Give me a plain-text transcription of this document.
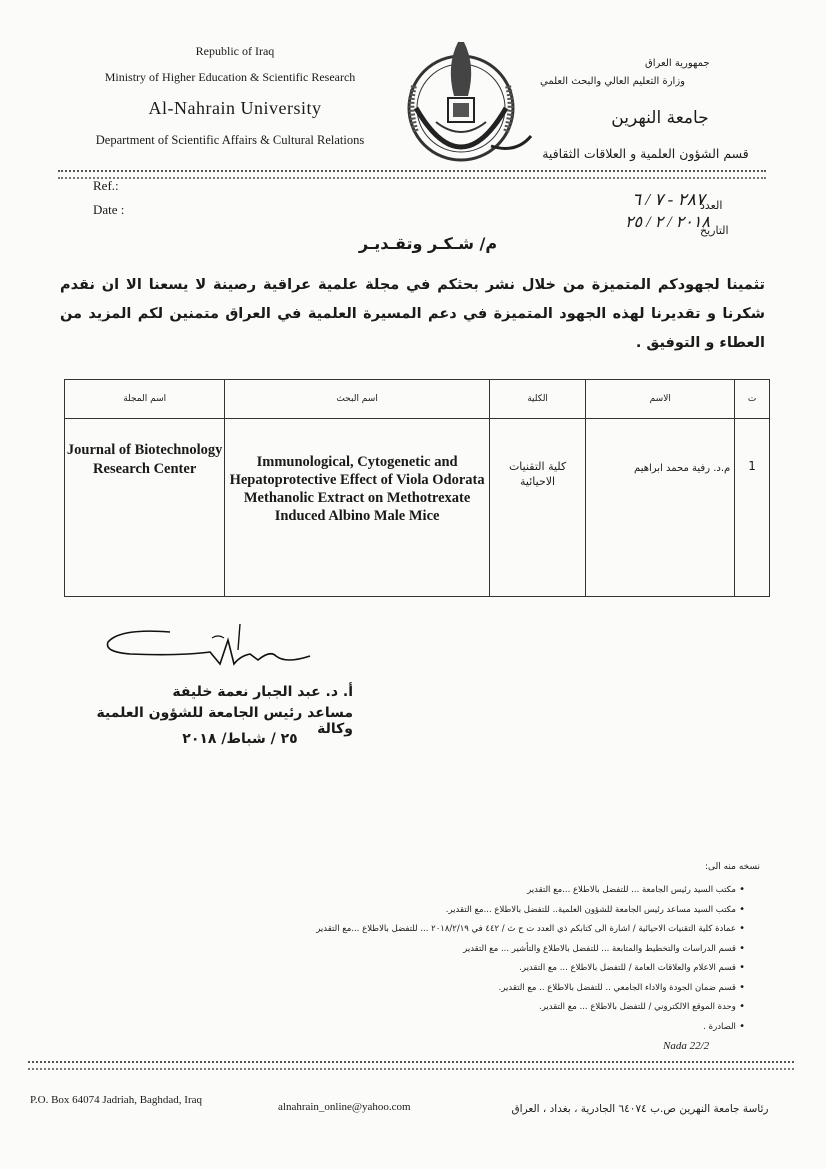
Republic of Iraq
Ministry of Higher Education & Scientific Research
Al-Nahrain University
Department of Scientific Affairs & Cultural Relations
جمهورية العراق
وزارة التعليم العالي والبحث العلمي
جامعة النهرين
قسم الشؤون العلمية و العلاقات الثقافية
Ref.:
Date :	العدد
٢٨٧ - ٧ / ٦
التاريخ
٢٠١٨ / ٢ / ٢٥
م/ شـكـر وتقـديـر
تثمينا لجهودكم المتميزة من خلال نشر بحثكم في مجلة علمية عراقية رصينة لا يسعنا الا ان نقدم شكرنا و تقديرنا لهذه الجهود المتميزة في دعم المسيرة العلمية في العراق متمنين لكم المزيد من العطاء و التوفيق .
اسم المجلة	اسم البحث	الكلية	الاسم	ت
Journal of Biotechnology Research Center	Immunological, Cytogenetic and Hepatoprotective Effect of Viola Odorata Methanolic Extract on Methotrexate Induced Albino Male Mice	كلية التقنيات الاحيائية	م.د. رفية محمد ابراهيم	1
أ. د. عبد الجبار نعمة خليفة
مساعد رئيس الجامعة للشؤون العلمية وكالة
٢٥ / شباط/ ٢٠١٨
نسخه منه الى:
• مكتب السيد رئيس الجامعة ... للتفضل بالاطلاع ...مع التقدير
• مكتب السيد مساعد رئيس الجامعة للشؤون العلمية.. للتفضل بالاطلاع ...مع التقدير.
• عمادة كلية التقنيات الاحيائية / اشارة الى كتابكم ذي العدد ت ح ث / ٤٤٢ في ٢٠١٨/٢/١٩ ... للتفضل بالاطلاع ...مع التقدير
• قسم الدراسات والتخطيط والمتابعة ... للتفضل بالاطلاع والتأشير ... مع التقدير
• قسم الاعلام والعلاقات العامة / للتفضل بالاطلاع ... مع التقدير.
• قسم ضمان الجودة والاداء الجامعي .. للتفضل بالاطلاع .. مع التقدير.
• وحدة الموقع الالكتروني / للتفضل بالاطلاع ... مع التقدير.
• الصادرة .
Nada 22/2
P.O. Box 64074 Jadriah, Baghdad, Iraq
alnahrain_online@yahoo.com	رئاسة جامعة النهرين ص.ب ٦٤٠٧٤ الجادرية ، بغداد ، العراق
